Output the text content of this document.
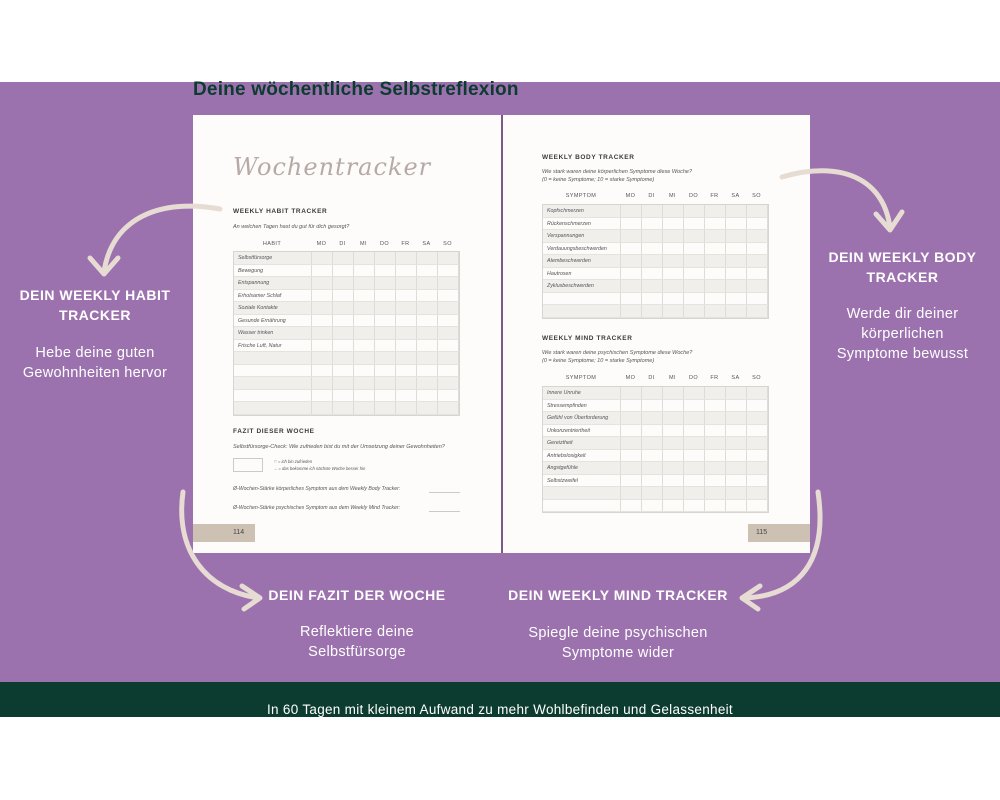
In 60 Tagen mit kleinem Aufwand zu mehr Wohlbefinden und Gelassenheit
Deine wöchentliche Selbstreflexion
Wochentracker
WEEKLY HABIT TRACKER
An welchen Tagen hast du gut für dich gesorgt?
HABIT	MO	DI	MI	DO	FR	SA	SO
Selbstfürsorge
Bewegung
Entspannung
Erholsamer Schlaf
Soziale Kontakte
Gesunde Ernährung
Wasser trinken
Frische Luft, Natur
FAZIT DIESER WOCHE
Selbstfürsorge-Check: Wie zufrieden bist du mit der Umsetzung deiner Gewohnheiten?
♡ = ich bin zufrieden
→ = das bekomme ich nächste Woche besser hin
Ø-Wochen-Stärke körperliches Symptom aus dem Weekly Body Tracker:
Ø-Wochen-Stärke psychisches Symptom aus dem Weekly Mind Tracker:
114
WEEKLY BODY TRACKER
Wie stark waren deine körperlichen Symptome diese Woche?
(0 = keine Symptome; 10 = starke Symptome)
SYMPTOM	MO	DI	MI	DO	FR	SA	SO
Kopfschmerzen
Rückenschmerzen
Verspannungen
Verdauungsbeschwerden
Atembeschwerden
Hautrosen
Zyklusbeschwerden
WEEKLY MIND TRACKER
Wie stark waren deine psychischen Symptome diese Woche?
(0 = keine Symptome; 10 = starke Symptome)
SYMPTOM	MO	DI	MI	DO	FR	SA	SO
Innere Unruhe
Stressempfinden
Gefühl von Überforderung
Unkonzentriertheit
Gereiztheit
Antriebslosigkeit
Angstgefühle
Selbstzweifel
115
DEIN WEEKLY HABIT
TRACKER
Hebe deine guten
Gewohnheiten hervor
DEIN WEEKLY BODY
TRACKER
Werde dir deiner
körperlichen
Symptome bewusst
DEIN FAZIT DER WOCHE
Reflektiere deine
Selbstfürsorge
DEIN WEEKLY MIND TRACKER
Spiegle deine psychischen
Symptome wider
